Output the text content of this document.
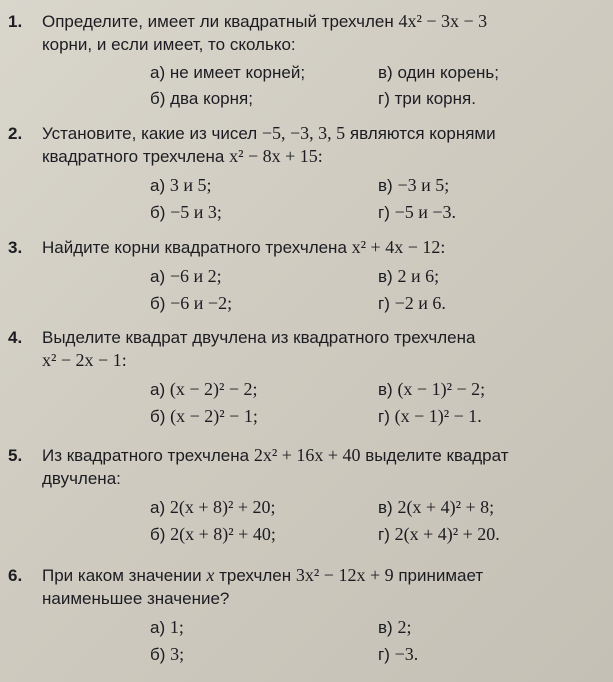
1.	Определите, имеет ли квадратный трехчлен 4x² − 3x − 3
корни, и если имеет, то сколько:
а) не имеет корней;	в) один корень;
б) два корня;	г) три корня.
2.	Установите, какие из чисел −5, −3, 3, 5 являются корнями
квадратного трехчлена x² − 8x + 15:
а) 3 и 5;	в) −3 и 5;
б) −5 и 3;	г) −5 и −3.
3.	Найдите корни квадратного трехчлена x² + 4x − 12:
а) −6 и 2;	в) 2 и 6;
б) −6 и −2;	г) −2 и 6.
4.	Выделите квадрат двучлена из квадратного трехчлена
x² − 2x − 1:
а) (x − 2)² − 2;	в) (x − 1)² − 2;
б) (x − 2)² − 1;	г) (x − 1)² − 1.
5.	Из квадратного трехчлена 2x² + 16x + 40 выделите квадрат
двучлена:
а) 2(x + 8)² + 20;	в) 2(x + 4)² + 8;
б) 2(x + 8)² + 40;	г) 2(x + 4)² + 20.
6.	При каком значении x трехчлен 3x² − 12x + 9 принимает
наименьшее значение?
а) 1;	в) 2;
б) 3;	г) −3.
